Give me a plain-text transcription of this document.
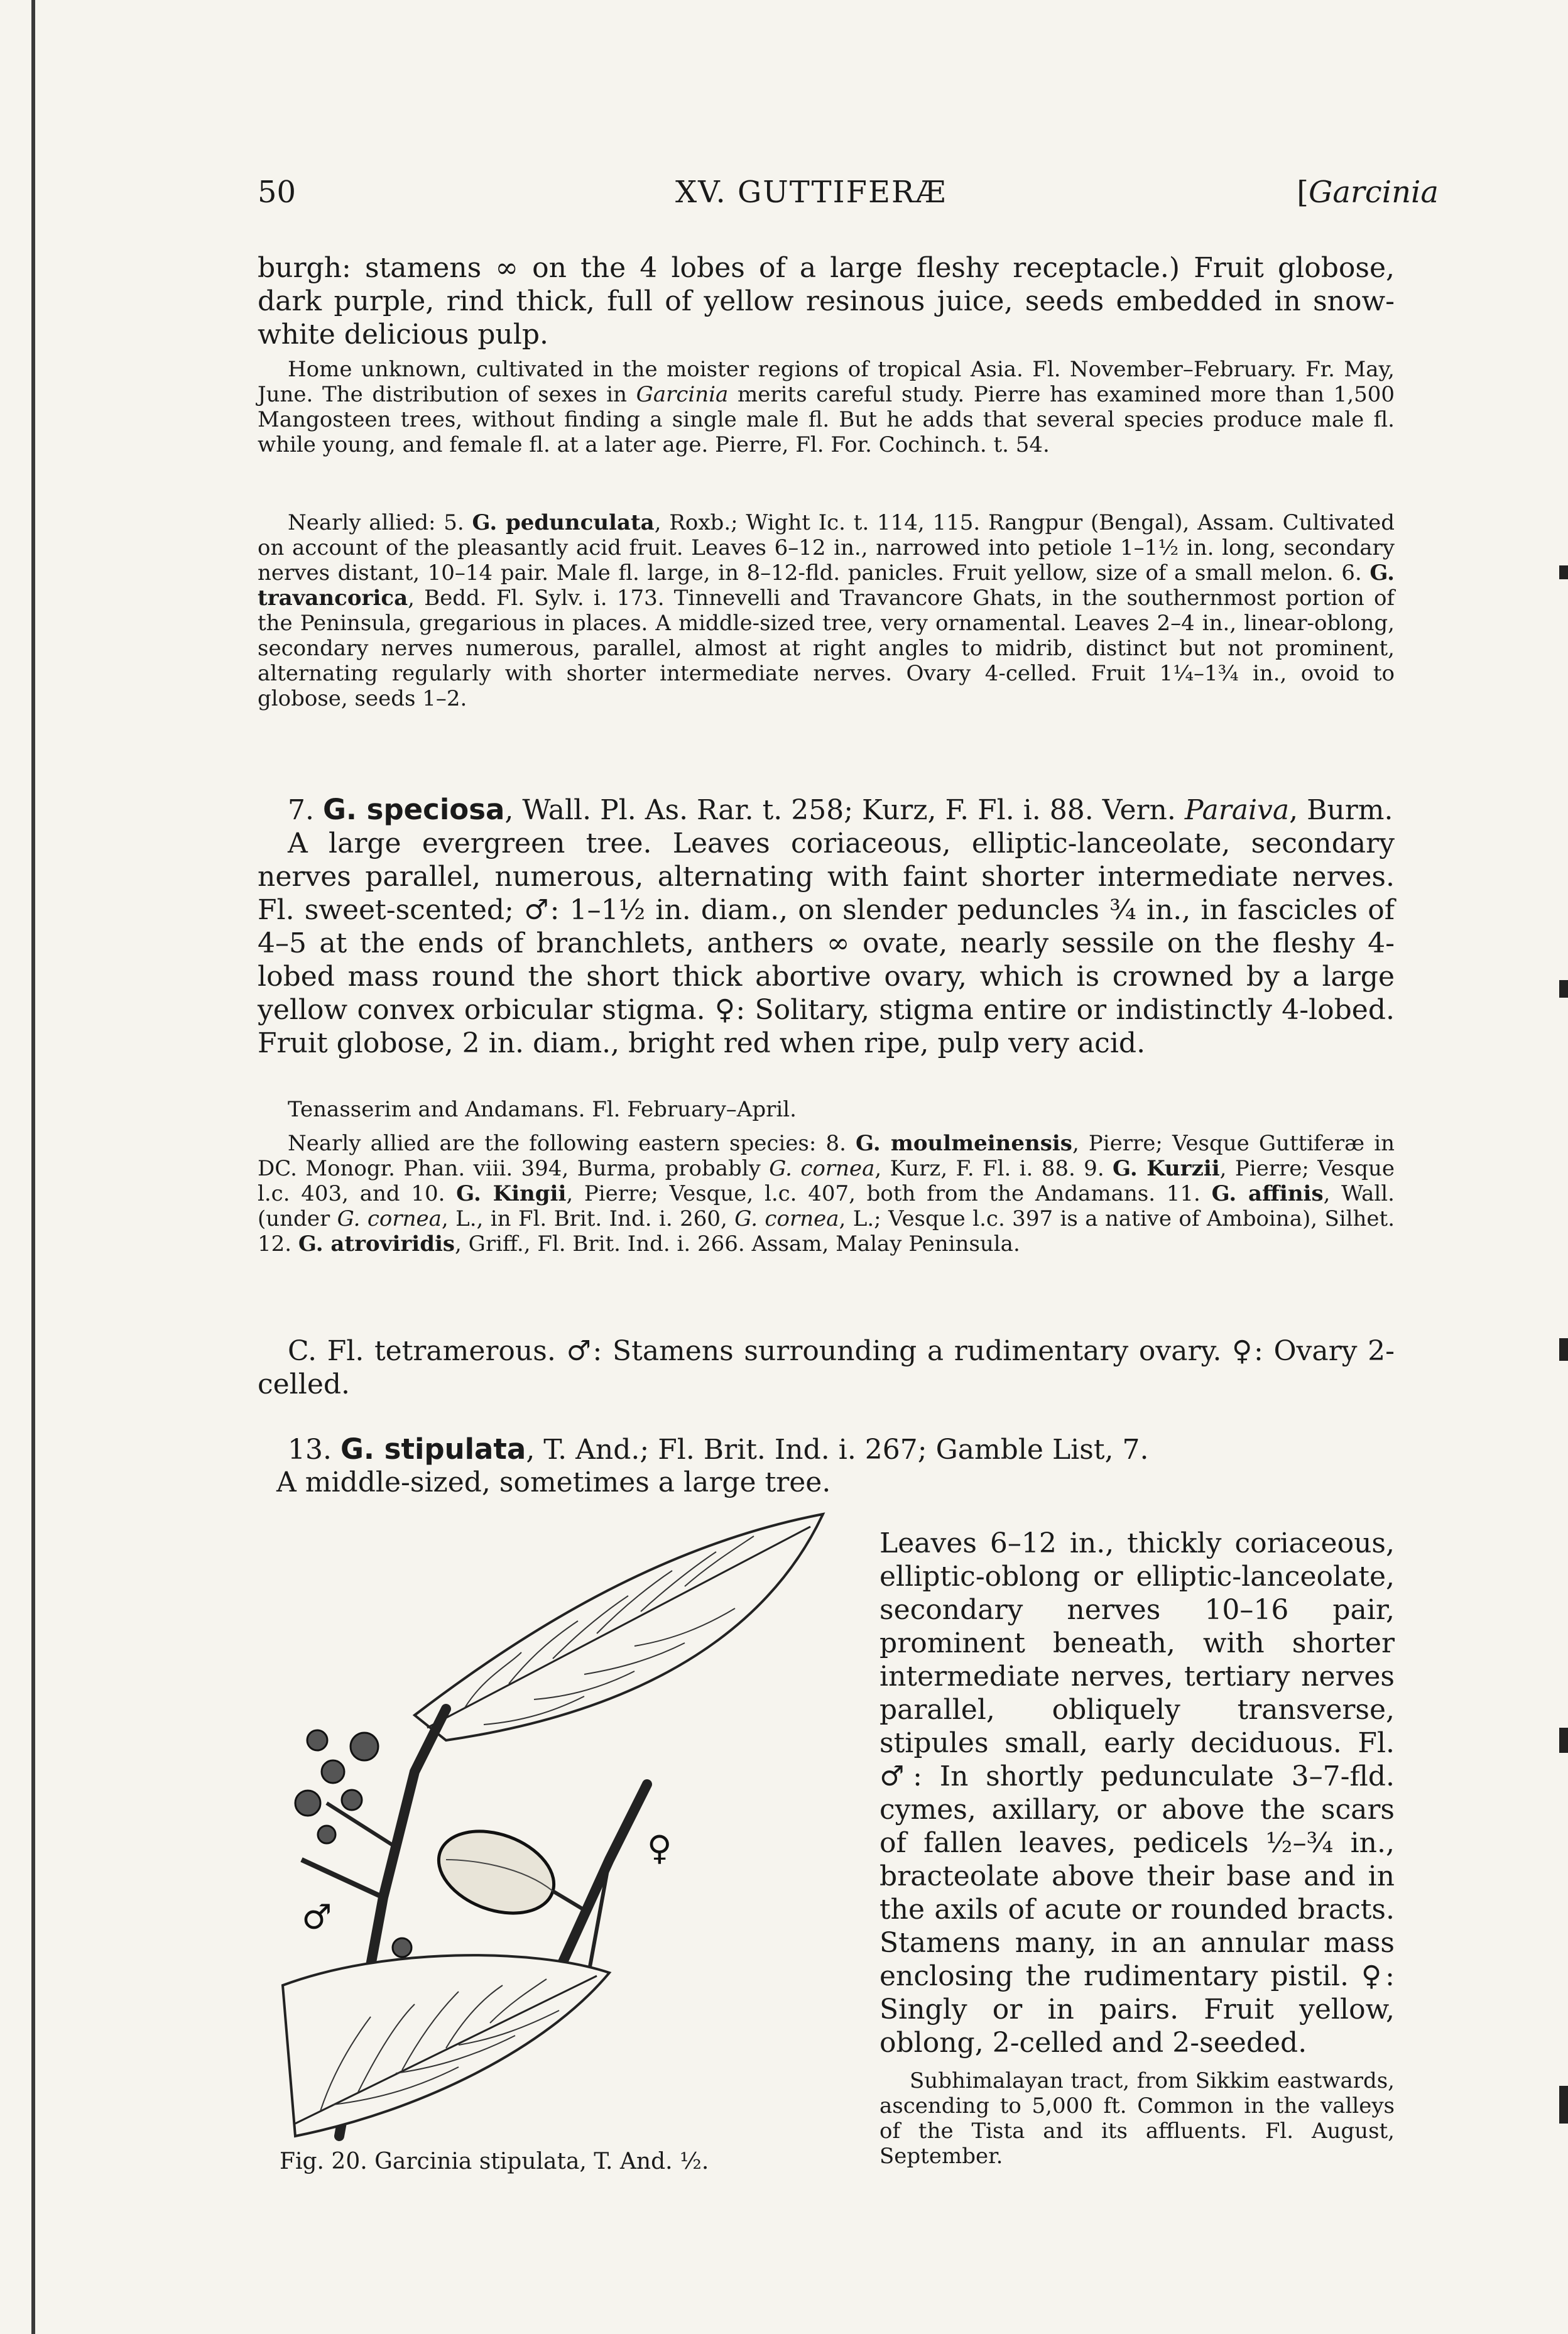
50	XV. GUTTIFERÆ	[Garcinia

burgh: stamens ∞ on the 4 lobes of a large fleshy receptacle.) Fruit globose, dark purple, rind thick, full of yellow resinous juice, seeds embedded in snow-white delicious pulp.

Home unknown, cultivated in the moister regions of tropical Asia. Fl. November–February. Fr. May, June. The distribution of sexes in Garcinia merits careful study. Pierre has examined more than 1,500 Mangosteen trees, without finding a single male fl. But he adds that several species produce male fl. while young, and female fl. at a later age. Pierre, Fl. For. Cochinch. t. 54.

Nearly allied: 5. G. pedunculata, Roxb.; Wight Ic. t. 114, 115. Rangpur (Bengal), Assam. Cultivated on account of the pleasantly acid fruit. Leaves 6–12 in., narrowed into petiole 1–1½ in. long, secondary nerves distant, 10–14 pair. Male fl. large, in 8–12-fld. panicles. Fruit yellow, size of a small melon. 6. G. travancorica, Bedd. Fl. Sylv. i. 173. Tinnevelli and Travancore Ghats, in the southernmost portion of the Peninsula, gregarious in places. A middle-sized tree, very ornamental. Leaves 2–4 in., linear-oblong, secondary nerves numerous, parallel, almost at right angles to midrib, distinct but not prominent, alternating regularly with shorter intermediate nerves. Ovary 4-celled. Fruit 1¼–1¾ in., ovoid to globose, seeds 1–2.

7. G. speciosa, Wall. Pl. As. Rar. t. 258; Kurz, F. Fl. i. 88. Vern. Paraiva, Burm.

A large evergreen tree. Leaves coriaceous, elliptic-lanceolate, secondary nerves parallel, numerous, alternating with faint shorter intermediate nerves. Fl. sweet-scented; ♂: 1–1½ in. diam., on slender peduncles ¾ in., in fascicles of 4–5 at the ends of branchlets, anthers ∞ ovate, nearly sessile on the fleshy 4-lobed mass round the short thick abortive ovary, which is crowned by a large yellow convex orbicular stigma. ♀: Solitary, stigma entire or indistinctly 4-lobed. Fruit globose, 2 in. diam., bright red when ripe, pulp very acid.

Tenasserim and Andamans. Fl. February–April.

Nearly allied are the following eastern species: 8. G. moulmeinensis, Pierre; Vesque Guttiferæ in DC. Monogr. Phan. viii. 394, Burma, probably G. cornea, Kurz, F. Fl. i. 88. 9. G. Kurzii, Pierre; Vesque l.c. 403, and 10. G. Kingii, Pierre; Vesque, l.c. 407, both from the Andamans. 11. G. affinis, Wall. (under G. cornea, L., in Fl. Brit. Ind. i. 260, G. cornea, L.; Vesque l.c. 397 is a native of Amboina), Silhet. 12. G. atroviridis, Griff., Fl. Brit. Ind. i. 266. Assam, Malay Peninsula.

C. Fl. tetramerous. ♂: Stamens surrounding a rudimentary ovary. ♀: Ovary 2-celled.

13. G. stipulata, T. And.; Fl. Brit. Ind. i. 267; Gamble List, 7.

A middle-sized, sometimes a large tree.

Leaves 6–12 in., thickly coriaceous, elliptic-oblong or elliptic-lanceolate, secondary nerves 10–16 pair, prominent beneath, with shorter intermediate nerves, tertiary nerves parallel, obliquely transverse, stipules small, early deciduous. Fl. ♂: In shortly pedunculate 3–7-fld. cymes, axillary, or above the scars of fallen leaves, pedicels ½–¾ in., bracteolate above their base and in the axils of acute or rounded bracts. Stamens many, in an annular mass enclosing the rudimentary pistil. ♀: Singly or in pairs. Fruit yellow, oblong, 2-celled and 2-seeded.

Subhimalayan tract, from Sikkim eastwards, ascending to 5,000 ft. Common in the valleys of the Tista and its affluents. Fl. August, September.

♂
♀
Fig. 20. Garcinia stipulata, T. And. ½.
